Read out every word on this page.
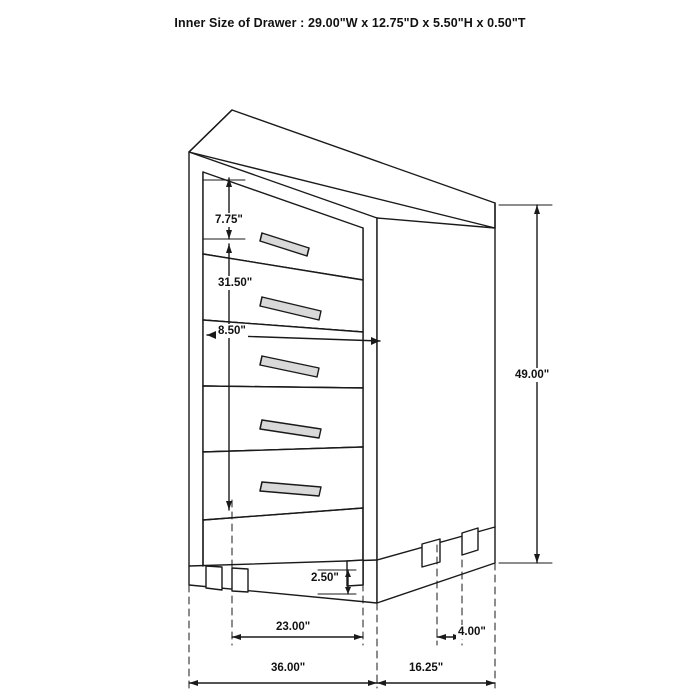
Inner Size of Drawer : 29.00"W x 12.75"D x 5.50"H x 0.50"T
7.75"
31.50"
8.50"
49.00"
2.50"
23.00"	4.00"
36.00"	16.25"
